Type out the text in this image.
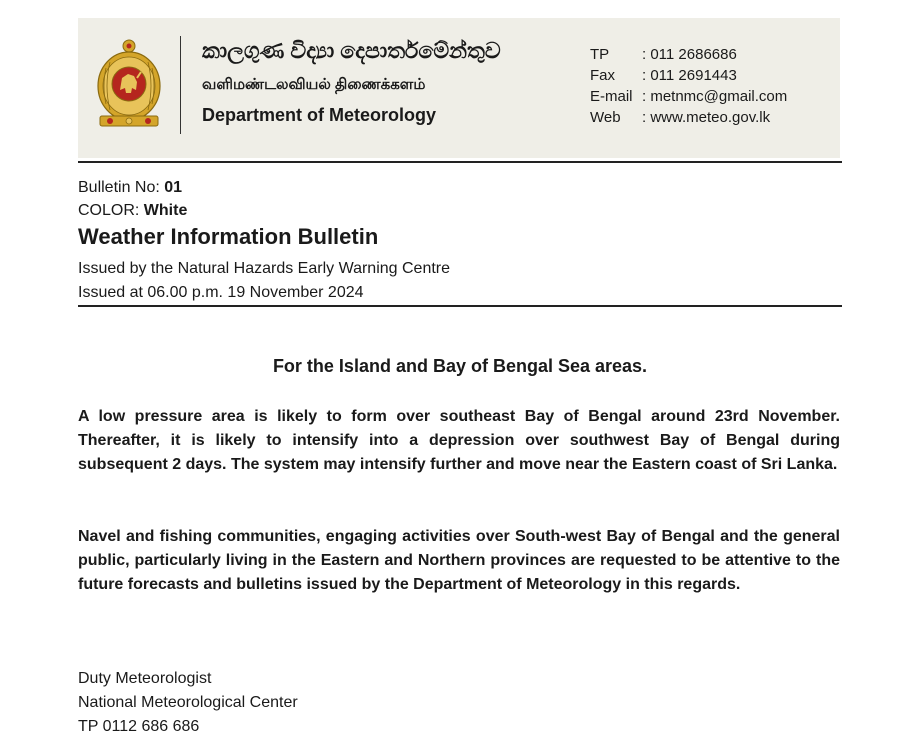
කාලගුණ විද්‍යා දෙපාර්තමේන්තුව
வளிமண்டலவியல் திணைக்களம்
Department of Meteorology
TP	: 011 2686686
Fax	: 011 2691443
E-mail : metnmc@gmail.com
Web	: www.meteo.gov.lk
Bulletin No: 01
COLOR: White
Weather Information Bulletin
Issued by the Natural Hazards Early Warning Centre
Issued at 06.00 p.m. 19 November 2024
For the Island and Bay of Bengal Sea areas.
A low pressure area is likely to form over southeast Bay of Bengal around 23rd November. Thereafter, it is likely to intensify into a depression over southwest Bay of Bengal during subsequent 2 days. The system may intensify further and move near the Eastern coast of Sri Lanka.
Navel and fishing communities, engaging activities over South-west Bay of Bengal and the general public, particularly living in the Eastern and Northern provinces are requested to be attentive to the future forecasts and bulletins issued by the Department of Meteorology in this regards.
Duty Meteorologist
National Meteorological Center
TP 0112 686 686
